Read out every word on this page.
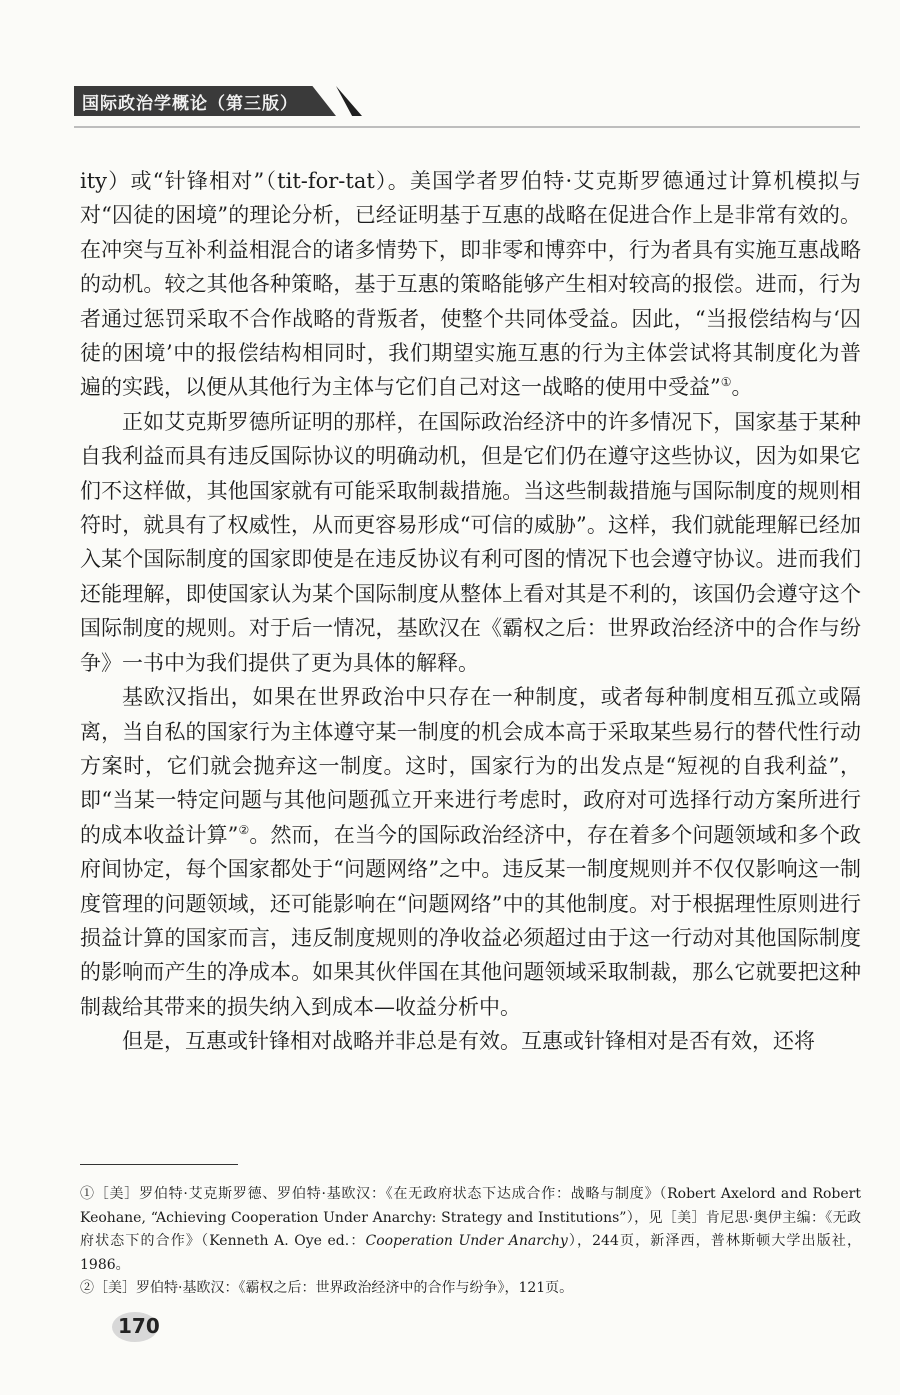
国际政治学概论（第三版）

ity）或“针锋相对”（tit-for-tat）。美国学者罗伯特·艾克斯罗德通过计算机模拟与对“囚徒的困境”的理论分析，已经证明基于互惠的战略在促进合作上是非常有效的。在冲突与互补利益相混合的诸多情势下，即非零和博弈中，行为者具有实施互惠战略的动机。较之其他各种策略，基于互惠的策略能够产生相对较高的报偿。进而，行为者通过惩罚采取不合作战略的背叛者，使整个共同体受益。因此，“当报偿结构与‘囚徒的困境’中的报偿结构相同时，我们期望实施互惠的行为主体尝试将其制度化为普遍的实践，以便从其他行为主体与它们自己对这一战略的使用中受益”①。

正如艾克斯罗德所证明的那样，在国际政治经济中的许多情况下，国家基于某种自我利益而具有违反国际协议的明确动机，但是它们仍在遵守这些协议，因为如果它们不这样做，其他国家就有可能采取制裁措施。当这些制裁措施与国际制度的规则相符时，就具有了权威性，从而更容易形成“可信的威胁”。这样，我们就能理解已经加入某个国际制度的国家即使是在违反协议有利可图的情况下也会遵守协议。进而我们还能理解，即使国家认为某个国际制度从整体上看对其是不利的，该国仍会遵守这个国际制度的规则。对于后一情况，基欧汉在《霸权之后：世界政治经济中的合作与纷争》一书中为我们提供了更为具体的解释。

基欧汉指出，如果在世界政治中只存在一种制度，或者每种制度相互孤立或隔离，当自私的国家行为主体遵守某一制度的机会成本高于采取某些易行的替代性行动方案时，它们就会抛弃这一制度。这时，国家行为的出发点是“短视的自我利益”，即“当某一特定问题与其他问题孤立开来进行考虑时，政府对可选择行动方案所进行的成本收益计算”②。然而，在当今的国际政治经济中，存在着多个问题领域和多个政府间协定，每个国家都处于“问题网络”之中。违反某一制度规则并不仅仅影响这一制度管理的问题领域，还可能影响在“问题网络”中的其他制度。对于根据理性原则进行损益计算的国家而言，违反制度规则的净收益必须超过由于这一行动对其他国际制度的影响而产生的净成本。如果其伙伴国在其他问题领域采取制裁，那么它就要把这种制裁给其带来的损失纳入到成本—收益分析中。

但是，互惠或针锋相对战略并非总是有效。互惠或针锋相对是否有效，还将

①［美］罗伯特·艾克斯罗德、罗伯特·基欧汉：《在无政府状态下达成合作：战略与制度》（Robert Axelord and Robert Keohane, “Achieving Cooperation Under Anarchy: Strategy and Institutions”），见［美］肯尼思·奥伊主编：《无政府状态下的合作》（Kenneth A. Oye ed.：Cooperation Under Anarchy），244页，新泽西，普林斯顿大学出版社，1986。

②［美］罗伯特·基欧汉：《霸权之后：世界政治经济中的合作与纷争》，121页。

170
